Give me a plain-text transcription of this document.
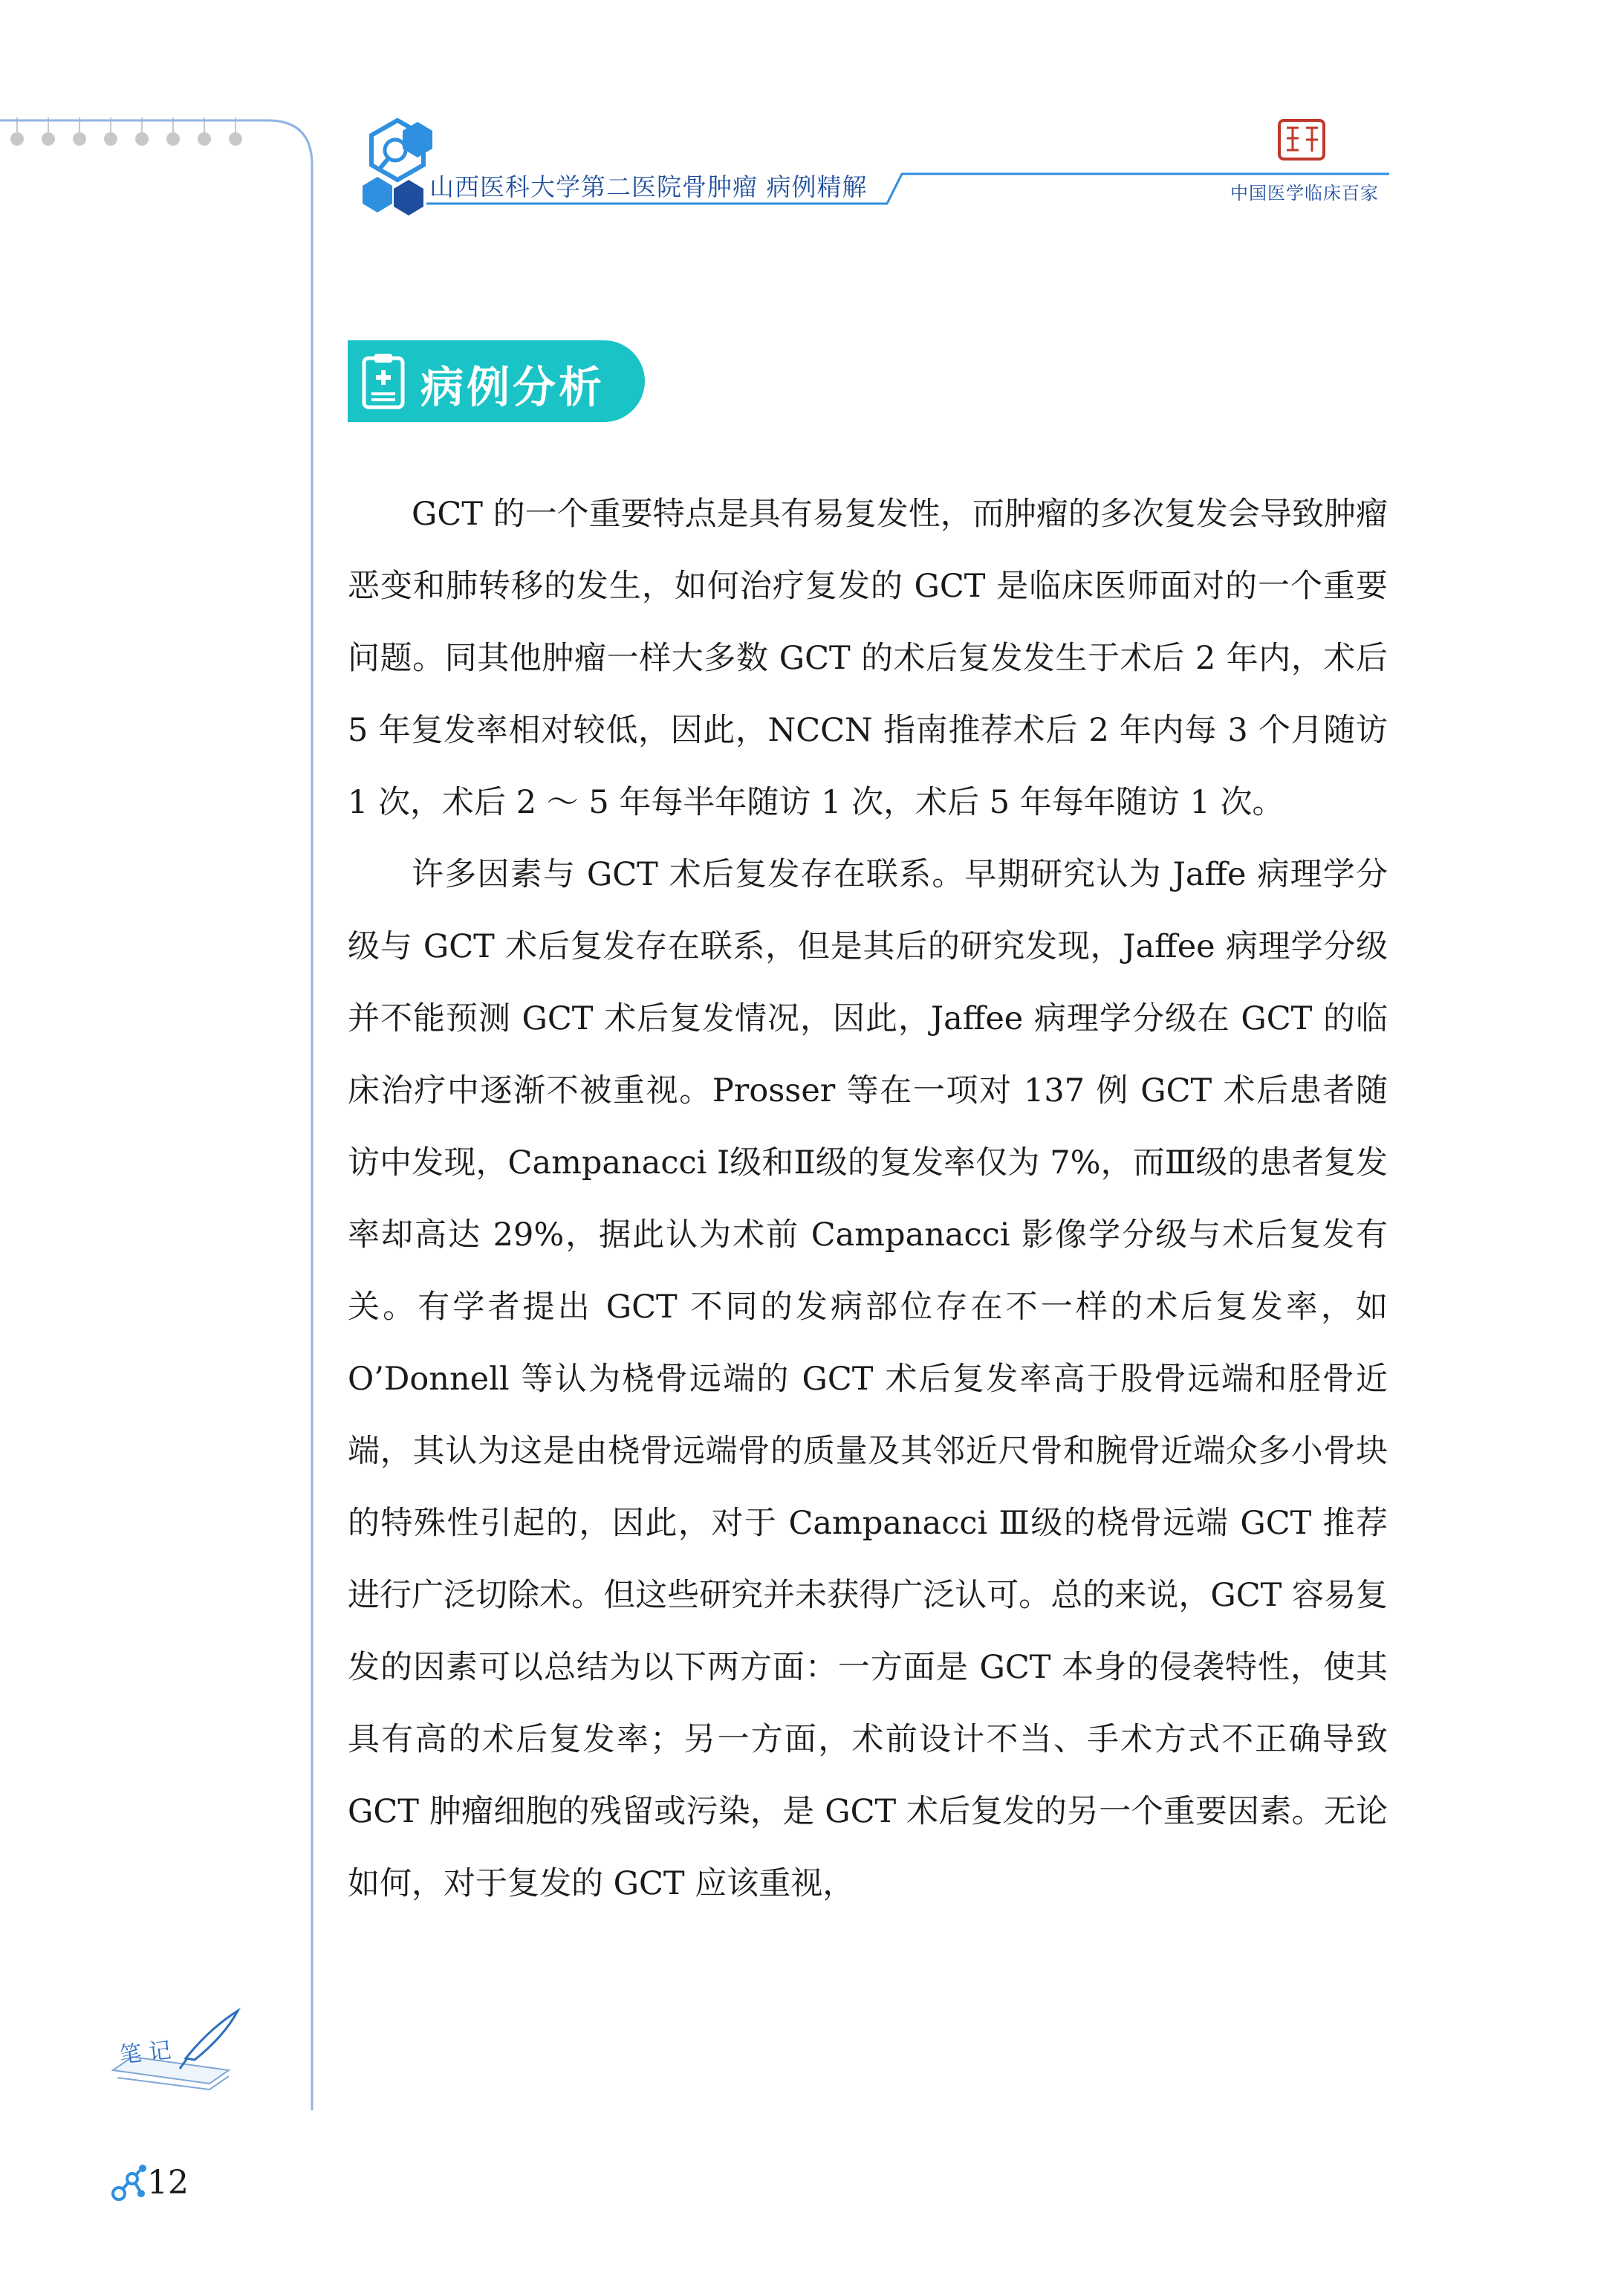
山西医科大学第二医院骨肿瘤 病例精解	中国医学临床百家
病例分析

GCT 的一个重要特点是具有易复发性，而肿瘤的多次复发会导致肿瘤恶变和肺转移的发生，如何治疗复发的 GCT 是临床医师面对的一个重要问题。同其他肿瘤一样大多数 GCT 的术后复发发生于术后 2 年内，术后 5 年复发率相对较低，因此，NCCN 指南推荐术后 2 年内每 3 个月随访 1 次，术后 2 ～ 5 年每半年随访 1 次，术后 5 年每年随访 1 次。

许多因素与 GCT 术后复发存在联系。早期研究认为 Jaffe 病理学分级与 GCT 术后复发存在联系，但是其后的研究发现，Jaffee 病理学分级并不能预测 GCT 术后复发情况，因此，Jaffee 病理学分级在 GCT 的临床治疗中逐渐不被重视。Prosser 等在一项对 137 例 GCT 术后患者随访中发现，Campanacci Ⅰ级和Ⅱ级的复发率仅为 7%，而Ⅲ级的患者复发率却高达 29%，据此认为术前 Campanacci 影像学分级与术后复发有关。有学者提出 GCT 不同的发病部位存在不一样的术后复发率，如 O’Donnell 等认为桡骨远端的 GCT 术后复发率高于股骨远端和胫骨近端，其认为这是由桡骨远端骨的质量及其邻近尺骨和腕骨近端众多小骨块的特殊性引起的，因此，对于 Campanacci Ⅲ级的桡骨远端 GCT 推荐进行广泛切除术。但这些研究并未获得广泛认可。总的来说，GCT 容易复发的因素可以总结为以下两方面：一方面是 GCT 本身的侵袭特性，使其具有高的术后复发率；另一方面，术前设计不当、手术方式不正确导致 GCT 肿瘤细胞的残留或污染，是 GCT 术后复发的另一个重要因素。无论如何，对于复发的 GCT 应该重视，

笔 记
12
